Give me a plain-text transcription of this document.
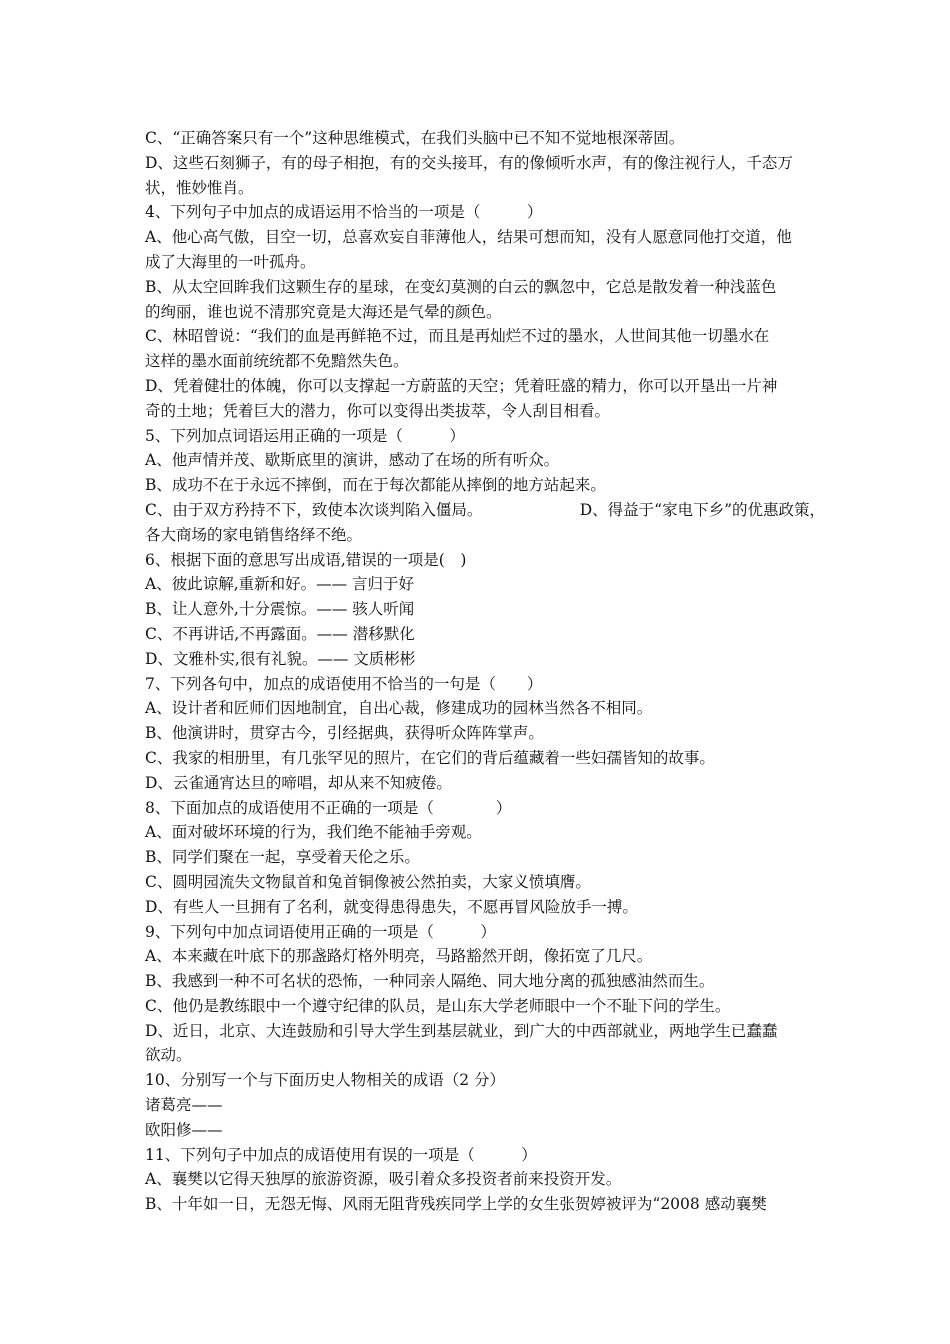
C、“正确答案只有一个”这种思维模式，在我们头脑中已不知不觉地根深蒂固。
D、这些石刻狮子，有的母子相抱，有的交头接耳，有的像倾听水声，有的像注视行人，千态万
状，惟妙惟肖。
4、下列句子中加点的成语运用不恰当的一项是（　　　）
A、他心高气傲，目空一切，总喜欢妄自菲薄他人，结果可想而知，没有人愿意同他打交道，他
成了大海里的一叶孤舟。
B、从太空回眸我们这颗生存的星球，在变幻莫测的白云的飘忽中，它总是散发着一种浅蓝色
的绚丽，谁也说不清那究竟是大海还是气晕的颜色。
C、林昭曾说：“我们的血是再鲜艳不过，而且是再灿烂不过的墨水，人世间其他一切墨水在
这样的墨水面前统统都不免黯然失色。
D、凭着健壮的体魄，你可以支撑起一方蔚蓝的天空；凭着旺盛的精力，你可以开垦出一片神
奇的土地；凭着巨大的潜力，你可以变得出类拔萃，令人刮目相看。
5、下列加点词语运用正确的一项是（　　　）
A、他声情并茂、歇斯底里的演讲，感动了在场的所有听众。
B、成功不在于永远不摔倒，而在于每次都能从摔倒的地方站起来。
C、由于双方矜持不下，致使本次谈判陷入僵局。	D、得益于“家电下乡”的优惠政策，
各大商场的家电销售络绎不绝。
6、根据下面的意思写出成语,错误的一项是(　)
A、彼此谅解,重新和好。—— 言归于好
B、让人意外,十分震惊。—— 骇人听闻
C、不再讲话,不再露面。—— 潜移默化
D、文雅朴实,很有礼貌。—— 文质彬彬
7、下列各句中，加点的成语使用不恰当的一句是（　　）
A、设计者和匠师们因地制宜，自出心裁，修建成功的园林当然各不相同。
B、他演讲时，贯穿古今，引经据典，获得听众阵阵掌声。
C、我家的相册里，有几张罕见的照片，在它们的背后蕴藏着一些妇孺皆知的故事。
D、云雀通宵达旦的啼唱，却从来不知疲倦。
8、下面加点的成语使用不正确的一项是（　　　　）
A、面对破坏环境的行为，我们绝不能袖手旁观。
B、同学们聚在一起，享受着天伦之乐。
C、圆明园流失文物鼠首和兔首铜像被公然拍卖，大家义愤填膺。
D、有些人一旦拥有了名利，就变得患得患失，不愿再冒风险放手一搏。
9、下列句中加点词语使用正确的一项是（　　　）
A、本来藏在叶底下的那盏路灯格外明亮，马路豁然开朗，像拓宽了几尺。
B、我感到一种不可名状的恐怖，一种同亲人隔绝、同大地分离的孤独感油然而生。
C、他仍是教练眼中一个遵守纪律的队员，是山东大学老师眼中一个不耻下问的学生。
D、近日，北京、大连鼓励和引导大学生到基层就业，到广大的中西部就业，两地学生已蠢蠢
欲动。
10、分别写一个与下面历史人物相关的成语（2 分）
诸葛亮——
欧阳修——
11、下列句子中加点的成语使用有误的一项是（　　　）
A、襄樊以它得天独厚的旅游资源，吸引着众多投资者前来投资开发。
B、十年如一日，无怨无悔、风雨无阻背残疾同学上学的女生张贺婷被评为“2008 感动襄樊
